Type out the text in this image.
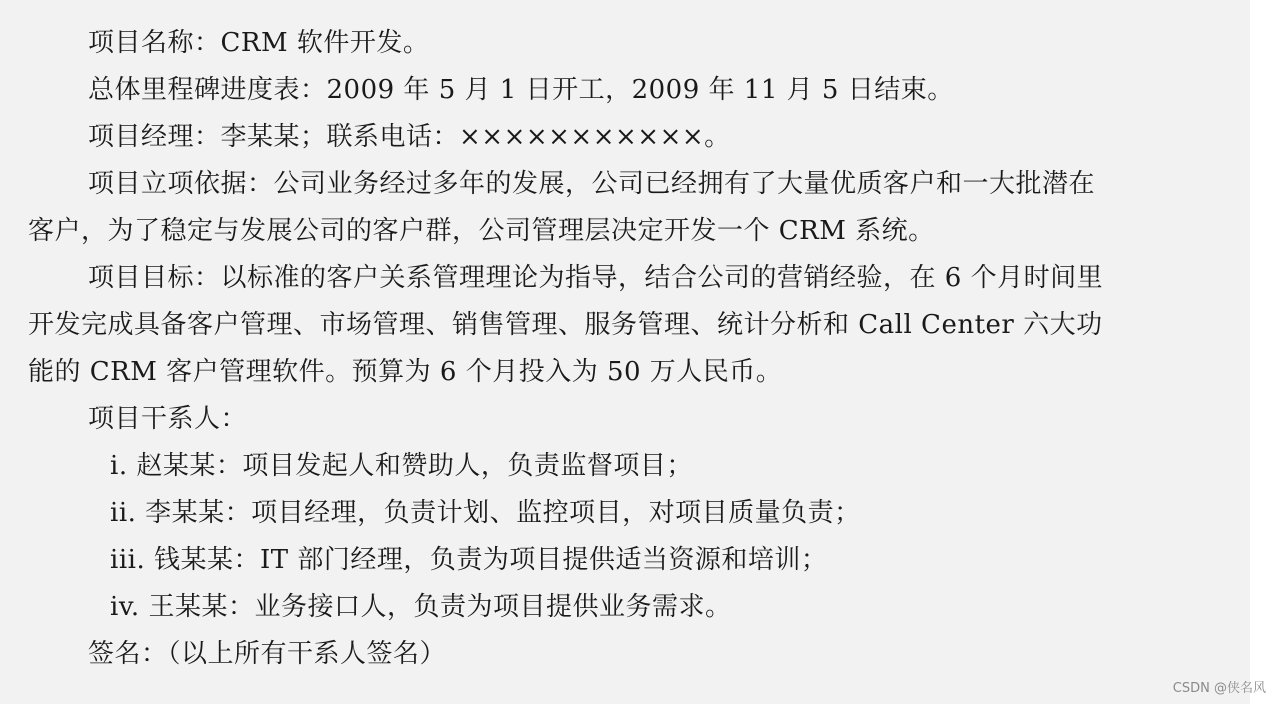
项目名称：CRM 软件开发。
总体里程碑进度表：2009 年 5 月 1 日开工，2009 年 11 月 5 日结束。
项目经理：李某某；联系电话：×××××××××××。
项目立项依据：公司业务经过多年的发展，公司已经拥有了大量优质客户和一大批潜在
客户，为了稳定与发展公司的客户群，公司管理层决定开发一个 CRM 系统。
项目目标：以标准的客户关系管理理论为指导，结合公司的营销经验，在 6 个月时间里
开发完成具备客户管理、市场管理、销售管理、服务管理、统计分析和 Call Center 六大功
能的 CRM 客户管理软件。预算为 6 个月投入为 50 万人民币。
项目干系人：
i. 赵某某：项目发起人和赞助人，负责监督项目；
ii. 李某某：项目经理，负责计划、监控项目，对项目质量负责；
iii. 钱某某：IT 部门经理，负责为项目提供适当资源和培训；
iv. 王某某：业务接口人，负责为项目提供业务需求。
签名：（以上所有干系人签名）
CSDN @侠名风
